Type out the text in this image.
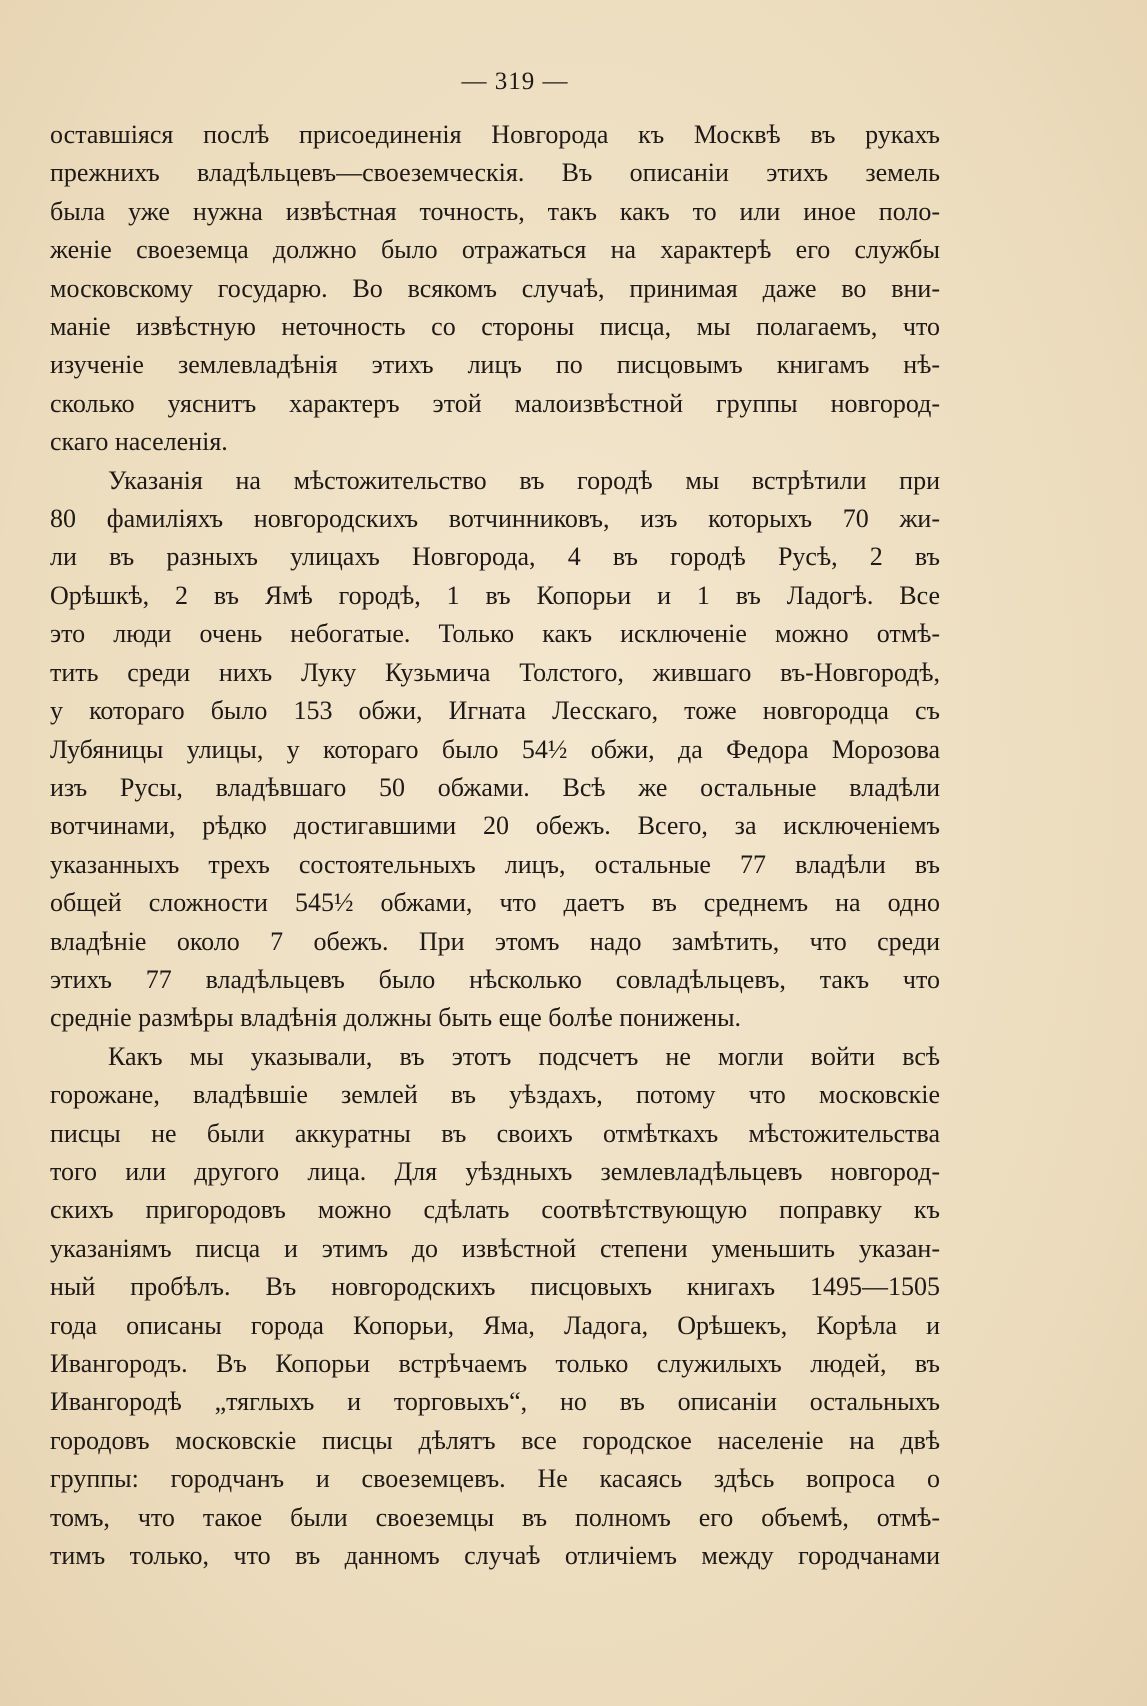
— 319 —

оставшіяся послѣ присоединенія Новгорода къ Москвѣ въ рукахъ
прежнихъ владѣльцевъ—своеземческія. Въ описаніи этихъ земель
была уже нужна извѣстная точность, такъ какъ то или иное поло-
женіе своеземца должно было отражаться на характерѣ его службы
московскому государю. Во всякомъ случаѣ, принимая даже во вни-
маніе извѣстную неточность со стороны писца, мы полагаемъ, что
изученіе землевладѣнія этихъ лицъ по писцовымъ книгамъ нѣ-
сколько уяснитъ характеръ этой малоизвѣстной группы новгород-
скаго населенія.

Указанія на мѣстожительство въ городѣ мы встрѣтили при
80 фамиліяхъ новгородскихъ вотчинниковъ, изъ которыхъ 70 жи-
ли въ разныхъ улицахъ Новгорода, 4 въ городѣ Русѣ, 2 въ
Орѣшкѣ, 2 въ Ямѣ городѣ, 1 въ Копорьи и 1 въ Ладогѣ. Все
это люди очень небогатые. Только какъ исключеніе можно отмѣ-
тить среди нихъ Луку Кузьмича Толстого, жившаго въ-Новгородѣ,
у котораго было 153 обжи, Игната Лесскаго, тоже новгородца съ
Лубяницы улицы, у котораго было 54½ обжи, да Федора Морозова
изъ Русы, владѣвшаго 50 обжами. Всѣ же остальные владѣли
вотчинами, рѣдко достигавшими 20 обежъ. Всего, за исключеніемъ
указанныхъ трехъ состоятельныхъ лицъ, остальные 77 владѣли въ
общей сложности 545½ обжами, что даетъ въ среднемъ на одно
владѣніе около 7 обежъ. При этомъ надо замѣтить, что среди
этихъ 77 владѣльцевъ было нѣсколько совладѣльцевъ, такъ что
средніе размѣры владѣнія должны быть еще болѣе понижены.

Какъ мы указывали, въ этотъ подсчетъ не могли войти всѣ
горожане, владѣвшіе землей въ уѣздахъ, потому что московскіе
писцы не были аккуратны въ своихъ отмѣткахъ мѣстожительства
того или другого лица. Для уѣздныхъ землевладѣльцевъ новгород-
скихъ пригородовъ можно сдѣлать соотвѣтствующую поправку къ
указаніямъ писца и этимъ до извѣстной степени уменьшить указан-
ный пробѣлъ. Въ новгородскихъ писцовыхъ книгахъ 1495—1505
года описаны города Копорьи, Яма, Ладога, Орѣшекъ, Корѣла и
Ивангородъ. Въ Копорьи встрѣчаемъ только служилыхъ людей, въ
Ивангородѣ „тяглыхъ и торговыхъ“, но въ описаніи остальныхъ
городовъ московскіе писцы дѣлятъ все городское населеніе на двѣ
группы: городчанъ и своеземцевъ. Не касаясь здѣсь вопроса о
томъ, что такое были своеземцы въ полномъ его объемѣ, отмѣ-
тимъ только, что въ данномъ случаѣ отличіемъ между городчанами
